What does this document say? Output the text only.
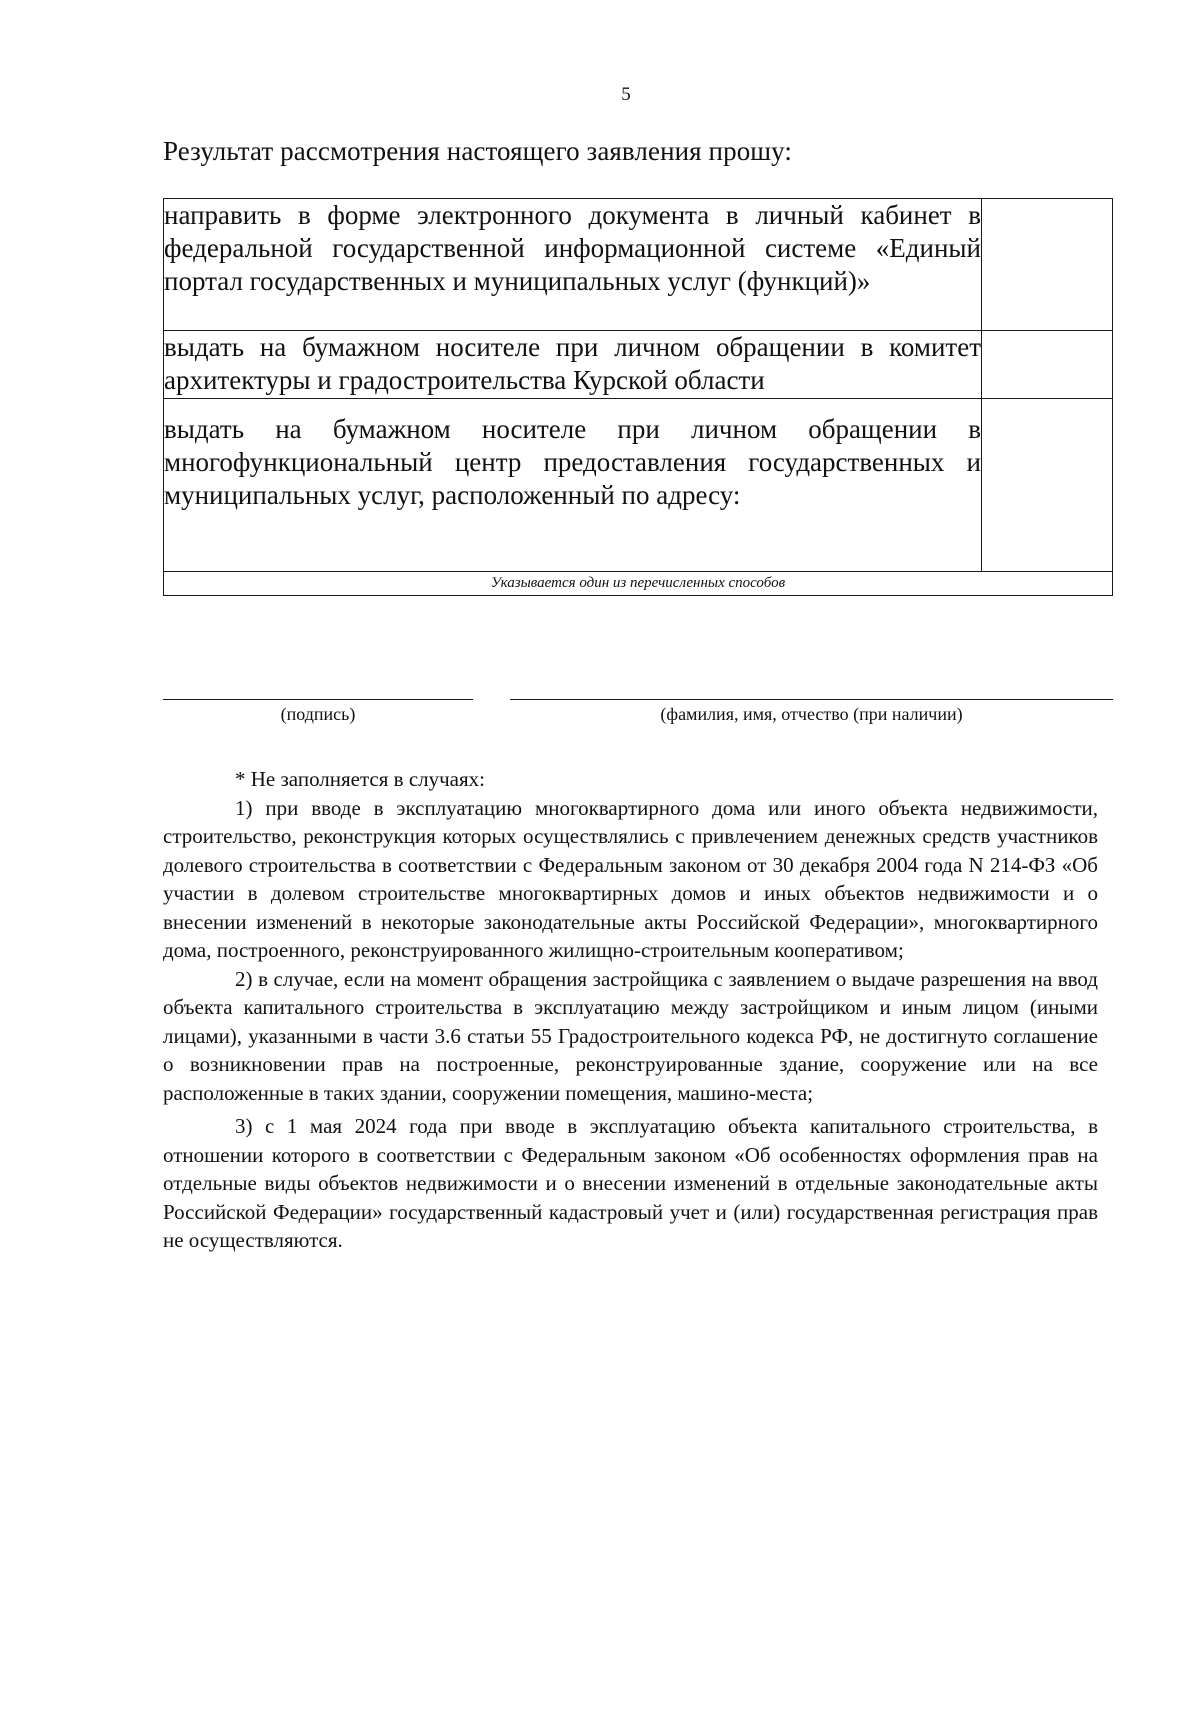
5
Результат рассмотрения настоящего заявления прошу:
направить в форме электронного документа в личный кабинет в федеральной государственной информационной системе «Единый портал государственных и муниципальных услуг (функций)»	
выдать на бумажном носителе при личном обращении в комитет архитектуры и градостроительства Курской области	
выдать на бумажном носителе при личном обращении в многофункциональный центр предоставления государственных и муниципальных услуг, расположенный по адресу:	
Указывается один из перечисленных способов	
(подпись)	(фамилия, имя, отчество (при наличии)

* Не заполняется в случаях:

1) при вводе в эксплуатацию многоквартирного дома или иного объекта недвижимости, строительство, реконструкция которых осуществлялись с привлечением денежных средств участников долевого строительства в соответствии с Федеральным законом от 30 декабря 2004 года N 214-ФЗ «Об участии в долевом строительстве многоквартирных домов и иных объектов недвижимости и о внесении изменений в некоторые законодательные акты Российской Федерации», многоквартирного дома, построенного, реконструированного жилищно-строительным кооперативом;

2) в случае, если на момент обращения застройщика с заявлением о выдаче разрешения на ввод объекта капитального строительства в эксплуатацию между застройщиком и иным лицом (иными лицами), указанными в части 3.6 статьи 55 Градостроительного кодекса РФ, не достигнуто соглашение о возникновении прав на построенные, реконструированные здание, сооружение или на все расположенные в таких здании, сооружении помещения, машино-места;

3) с 1 мая 2024 года при вводе в эксплуатацию объекта капитального строительства, в отношении которого в соответствии с Федеральным законом «Об особенностях оформления прав на отдельные виды объектов недвижимости и о внесении изменений в отдельные законодательные акты Российской Федерации» государственный кадастровый учет и (или) государственная регистрация прав не осуществляются.
